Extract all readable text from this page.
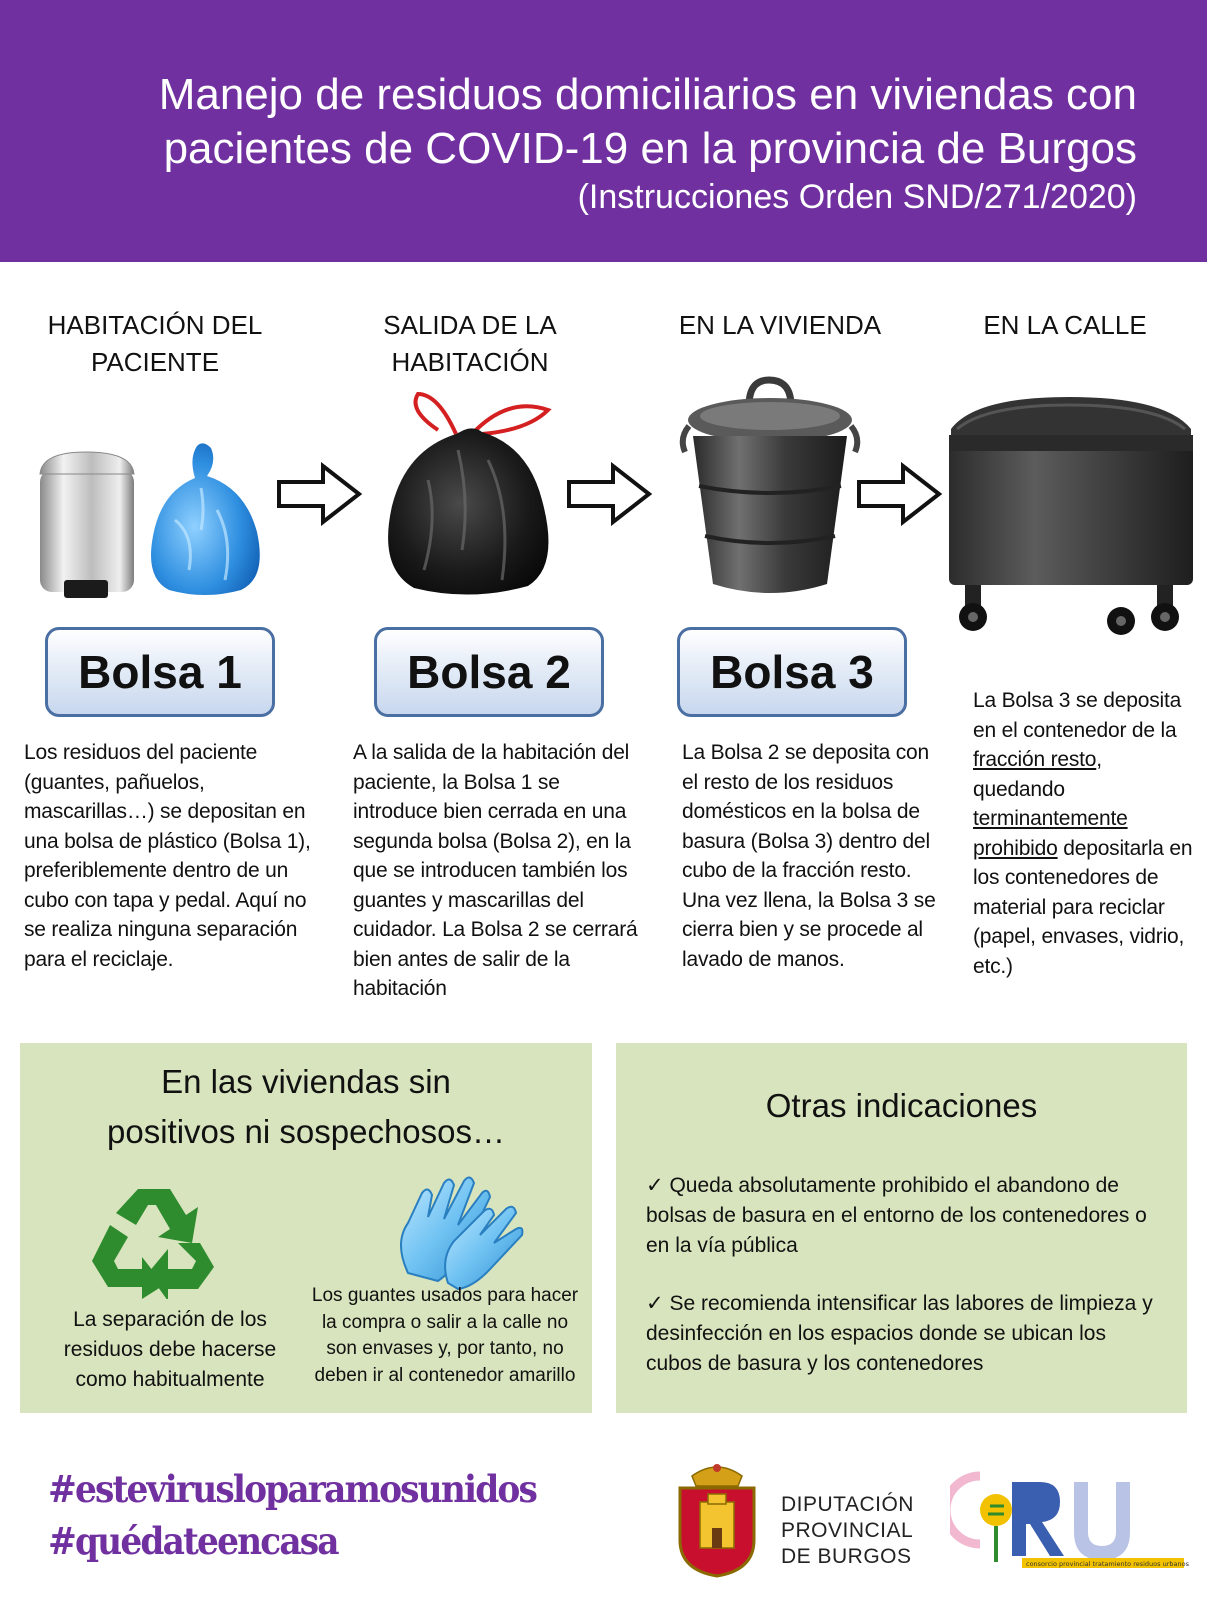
Manejo de residuos domiciliarios en viviendas con
pacientes de COVID-19 en la provincia de Burgos
(Instrucciones Orden SND/271/2020)
HABITACIÓN DEL
PACIENTE
SALIDA DE LA
HABITACIÓN
EN LA VIVIENDA	EN LA CALLE
Bolsa 1	Bolsa 2	Bolsa 3
Los residuos del paciente (guantes, pañuelos, mascarillas…) se depositan en una bolsa de plástico (Bolsa 1), preferiblemente dentro de un cubo con tapa y pedal. Aquí no se realiza ninguna separación para el reciclaje.
A la salida de la habitación del paciente, la Bolsa 1 se introduce bien cerrada en una segunda bolsa (Bolsa 2), en la que se introducen también los guantes y mascarillas del cuidador. La Bolsa 2 se cerrará bien antes de salir de la habitación
La Bolsa 2 se deposita con el resto de los residuos domésticos en la bolsa de basura (Bolsa 3) dentro del cubo de la fracción resto. Una vez llena, la Bolsa 3 se cierra bien y se procede al lavado de manos.
La Bolsa 3 se deposita en el contenedor de la fracción resto, quedando terminantemente prohibido depositarla en los contenedores de material para reciclar (papel, envases, vidrio, etc.)
En las viviendas sin
positivos ni sospechosos…
La separación de los residuos debe hacerse como habitualmente
Los guantes usados para hacer la compra o salir a la calle no son envases y, por tanto, no deben ir al contenedor amarillo
Otras indicaciones
✓ Queda absolutamente prohibido el abandono de bolsas de basura en el entorno de los contenedores o en la vía pública
✓ Se recomienda intensificar las labores de limpieza y desinfección en los espacios donde se ubican los cubos de basura y los contenedores
#estevirusloparamosunidos
#quédateencasa
DIPUTACIÓN
PROVINCIAL
DE BURGOS	consorcio provincial tratamiento residuos urbanos
